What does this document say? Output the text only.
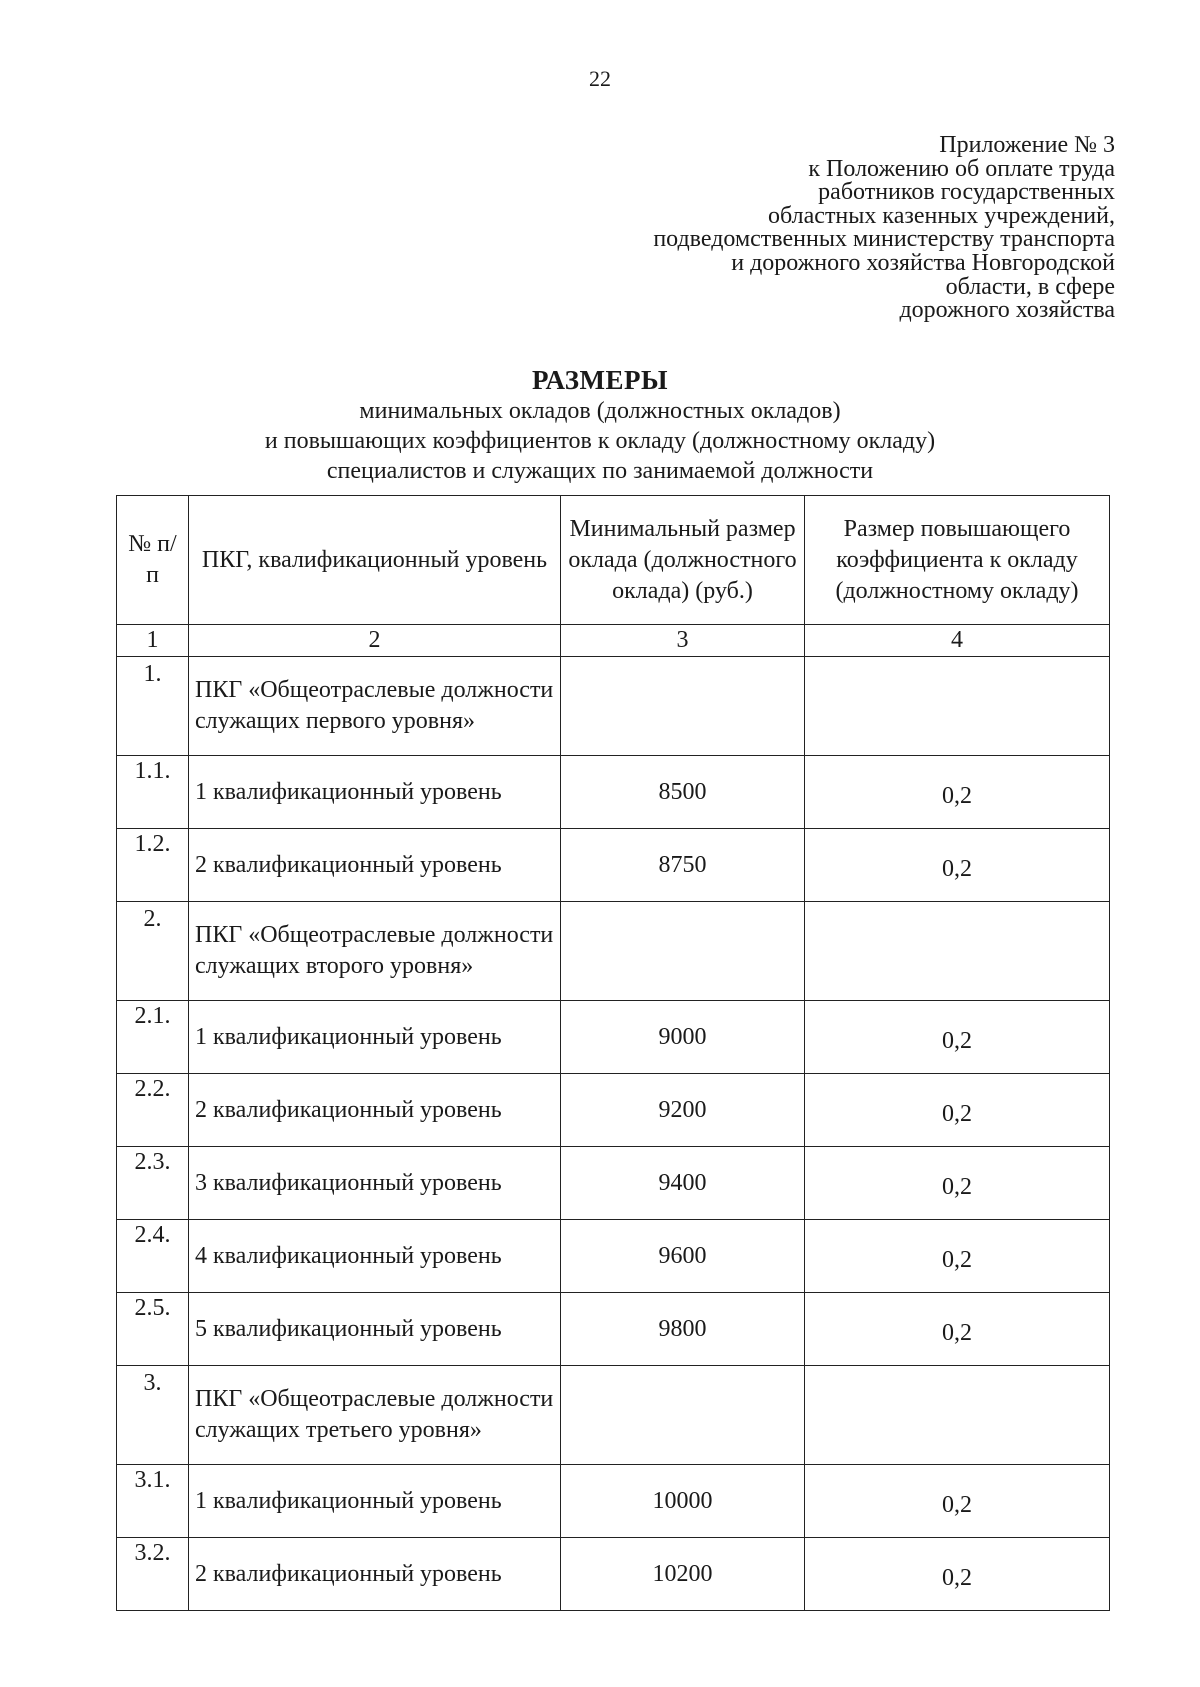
22
Приложение № 3
к Положению об оплате труда
работников государственных
областных казенных учреждений,
подведомственных министерству транспорта
и дорожного хозяйства Новгородской
области, в сфере
дорожного хозяйства
РАЗМЕРЫ
минимальных окладов (должностных окладов)
и повышающих коэффициентов к окладу (должностному окладу)
специалистов и служащих по занимаемой должности
№ п/п	ПКГ, квалификационный уровень	Минимальный размер оклада (должностного оклада) (руб.)	Размер повышающего коэффициента к окладу (должностному окладу)
1	2	3	4
1.	ПКГ «Общеотраслевые должности служащих первого уровня»		
1.1.	1 квалификационный уровень	8500	0,2
1.2.	2 квалификационный уровень	8750	0,2
2.	ПКГ «Общеотраслевые должности служащих второго уровня»		
2.1.	1 квалификационный уровень	9000	0,2
2.2.	2 квалификационный уровень	9200	0,2
2.3.	3 квалификационный уровень	9400	0,2
2.4.	4 квалификационный уровень	9600	0,2
2.5.	5 квалификационный уровень	9800	0,2
3.	ПКГ «Общеотраслевые должности служащих третьего уровня»		
3.1.	1 квалификационный уровень	10000	0,2
3.2.	2 квалификационный уровень	10200	0,2
